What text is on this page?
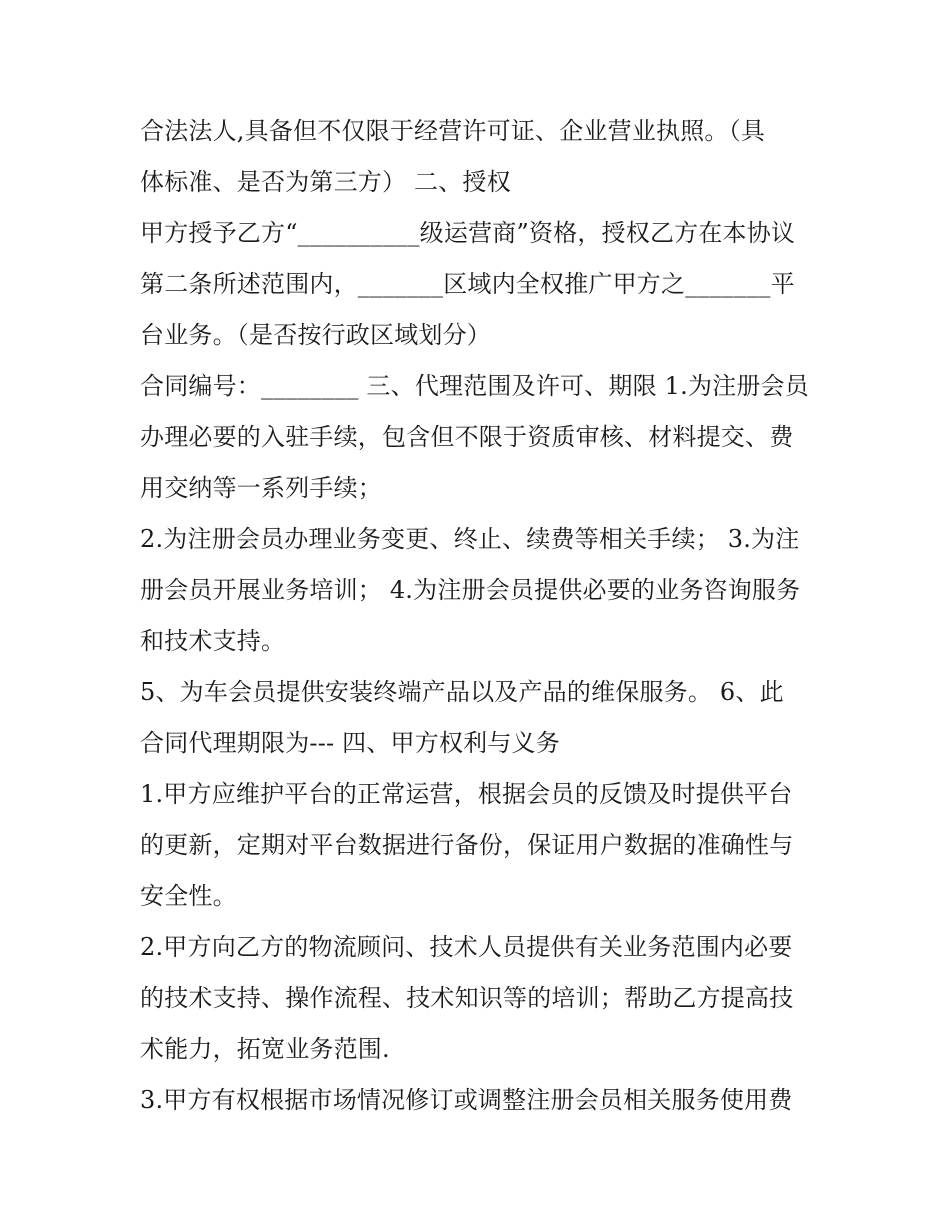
合法法人,具备但不仅限于经营许可证、企业营业执照。（具
体标准、是否为第三方） 二、授权
甲方授予乙方“__________级运营商”资格，授权乙方在本协议
第二条所述范围内，_______区域内全权推广甲方之_______平
台业务。（是否按行政区域划分）
合同编号：________ 三、代理范围及许可、期限 1.为注册会员
办理必要的入驻手续，包含但不限于资质审核、材料提交、费
用交纳等一系列手续；
2.为注册会员办理业务变更、终止、续费等相关手续； 3.为注
册会员开展业务培训； 4.为注册会员提供必要的业务咨询服务
和技术支持。
5、为车会员提供安装终端产品以及产品的维保服务。 6、此
合同代理期限为--- 四、甲方权利与义务
1.甲方应维护平台的正常运营，根据会员的反馈及时提供平台
的更新，定期对平台数据进行备份，保证用户数据的准确性与
安全性。
2.甲方向乙方的物流顾问、技术人员提供有关业务范围内必要
的技术支持、操作流程、技术知识等的培训；帮助乙方提高技
术能力，拓宽业务范围.
3.甲方有权根据市场情况修订或调整注册会员相关服务使用费
